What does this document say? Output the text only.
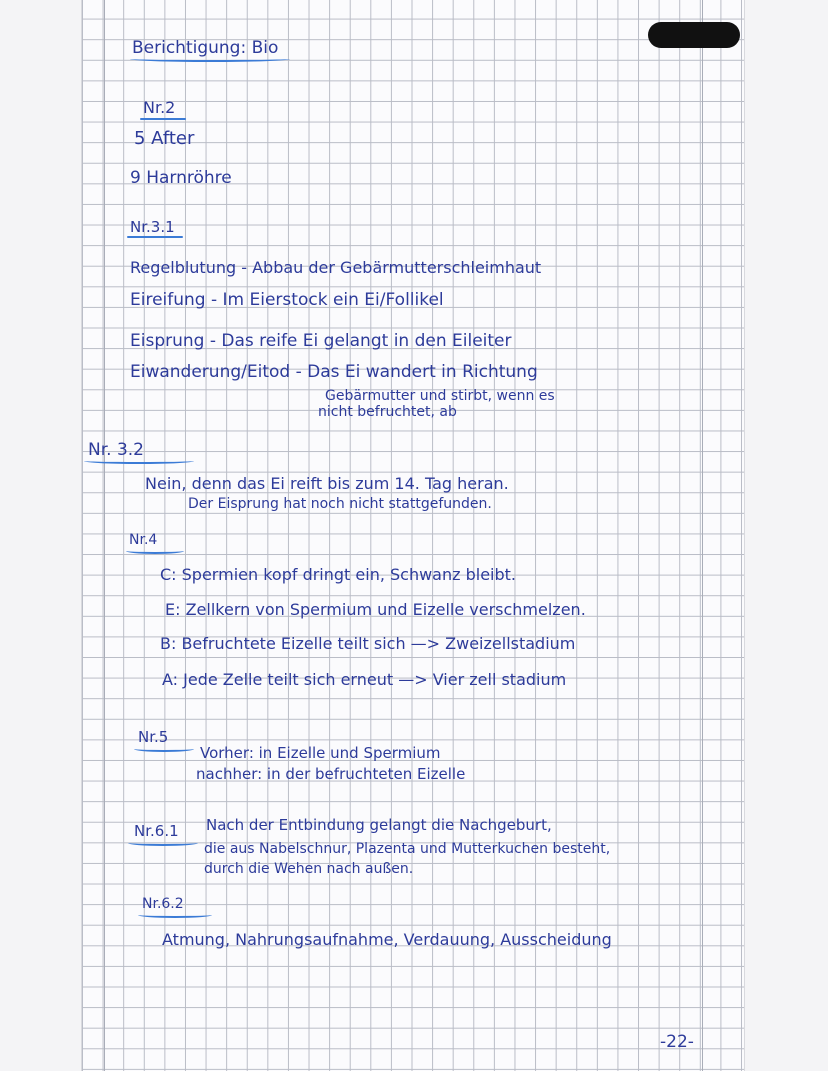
Berichtigung: Bio
Nr.2
5 After
9 Harnröhre
Nr.3.1
Regelblutung - Abbau der Gebärmutterschleimhaut
Eireifung - Im Eierstock ein Ei/Follikel
Eisprung - Das reife Ei gelangt in den Eileiter
Eiwanderung/Eitod - Das Ei wandert in Richtung
Gebärmutter und stirbt, wenn es
nicht befruchtet, ab
Nr. 3.2
Nein, denn das Ei reift bis zum 14. Tag heran.
Der Eisprung hat noch nicht stattgefunden.
Nr.4
C: Spermien kopf dringt ein, Schwanz bleibt.
E: Zellkern von Spermium und Eizelle verschmelzen.
B: Befruchtete Eizelle teilt sich —> Zweizellstadium
A: Jede Zelle teilt sich erneut —> Vier zell stadium
Nr.5
Vorher: in Eizelle und Spermium
nachher: in der befruchteten Eizelle
Nr.6.1 Nach der Entbindung gelangt die Nachgeburt,
die aus Nabelschnur, Plazenta und Mutterkuchen besteht,
durch die Wehen nach außen.
Nr.6.2
Atmung, Nahrungsaufnahme, Verdauung, Ausscheidung
-22-
